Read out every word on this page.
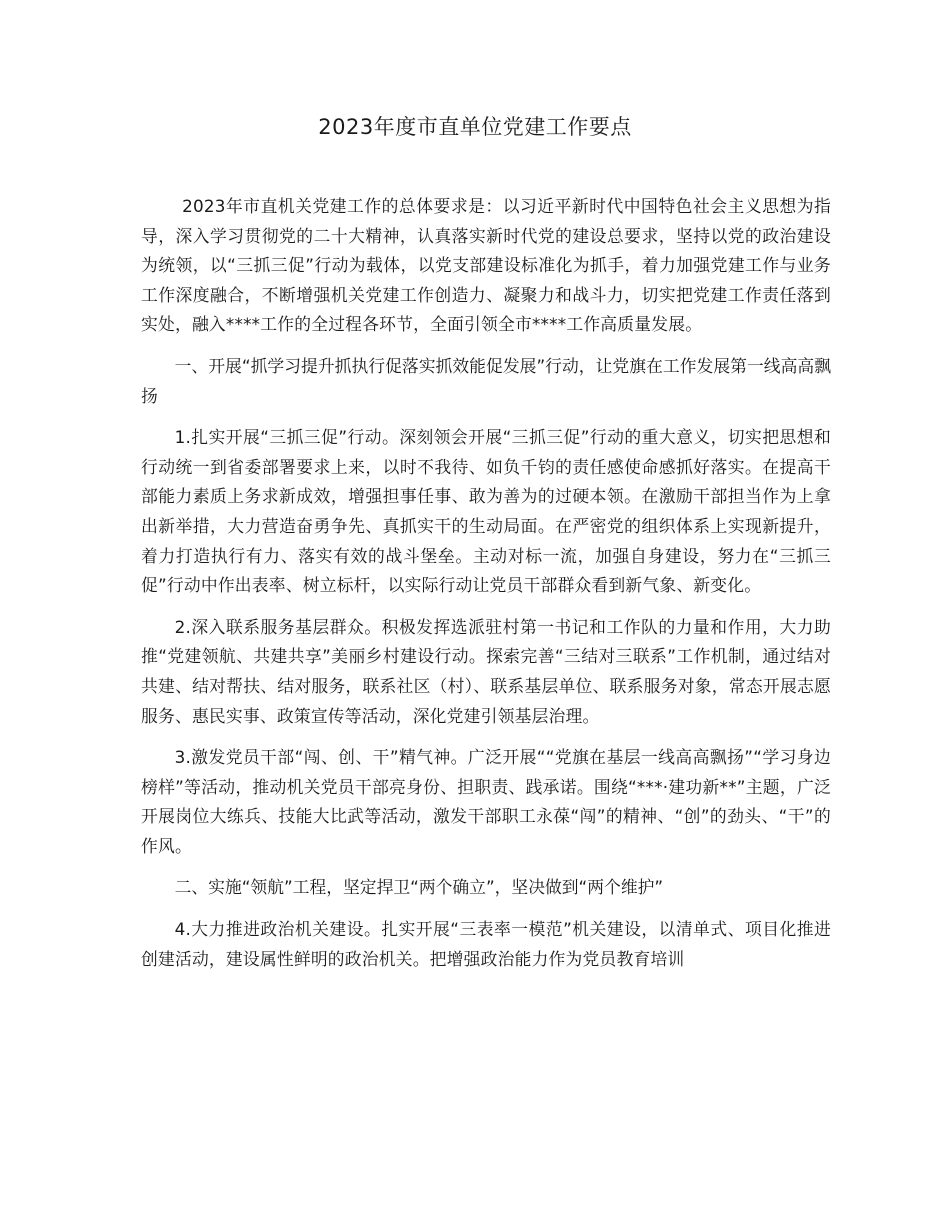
2023年度市直单位党建工作要点

2023年市直机关党建工作的总体要求是：以习近平新时代中国特色社会主义思想为指导，深入学习贯彻党的二十大精神，认真落实新时代党的建设总要求，坚持以党的政治建设为统领，以“三抓三促”行动为载体，以党支部建设标准化为抓手，着力加强党建工作与业务工作深度融合，不断增强机关党建工作创造力、凝聚力和战斗力，切实把党建工作责任落到实处，融入****工作的全过程各环节，全面引领全市****工作高质量发展。

一、开展“抓学习提升抓执行促落实抓效能促发展”行动，让党旗在工作发展第一线高高飘扬

1.扎实开展“三抓三促”行动。深刻领会开展“三抓三促”行动的重大意义，切实把思想和行动统一到省委部署要求上来，以时不我待、如负千钧的责任感使命感抓好落实。在提高干部能力素质上务求新成效，增强担事任事、敢为善为的过硬本领。在激励干部担当作为上拿出新举措，大力营造奋勇争先、真抓实干的生动局面。在严密党的组织体系上实现新提升，着力打造执行有力、落实有效的战斗堡垒。主动对标一流，加强自身建设，努力在“三抓三促”行动中作出表率、树立标杆，以实际行动让党员干部群众看到新气象、新变化。

2.深入联系服务基层群众。积极发挥选派驻村第一书记和工作队的力量和作用，大力助推“党建领航、共建共享”美丽乡村建设行动。探索完善“三结对三联系”工作机制，通过结对共建、结对帮扶、结对服务，联系社区（村）、联系基层单位、联系服务对象，常态开展志愿服务、惠民实事、政策宣传等活动，深化党建引领基层治理。

3.激发党员干部“闯、创、干”精气神。广泛开展““党旗在基层一线高高飘扬”“学习身边榜样”等活动，推动机关党员干部亮身份、担职责、践承诺。围绕“***·建功新**”主题，广泛开展岗位大练兵、技能大比武等活动，激发干部职工永葆“闯”的精神、“创”的劲头、“干”的作风。

二、实施“领航”工程，坚定捍卫“两个确立”，坚决做到“两个维护”

4.大力推进政治机关建设。扎实开展“三表率一模范”机关建设，以清单式、项目化推进创建活动，建设属性鲜明的政治机关。把增强政治能力作为党员教育培训
